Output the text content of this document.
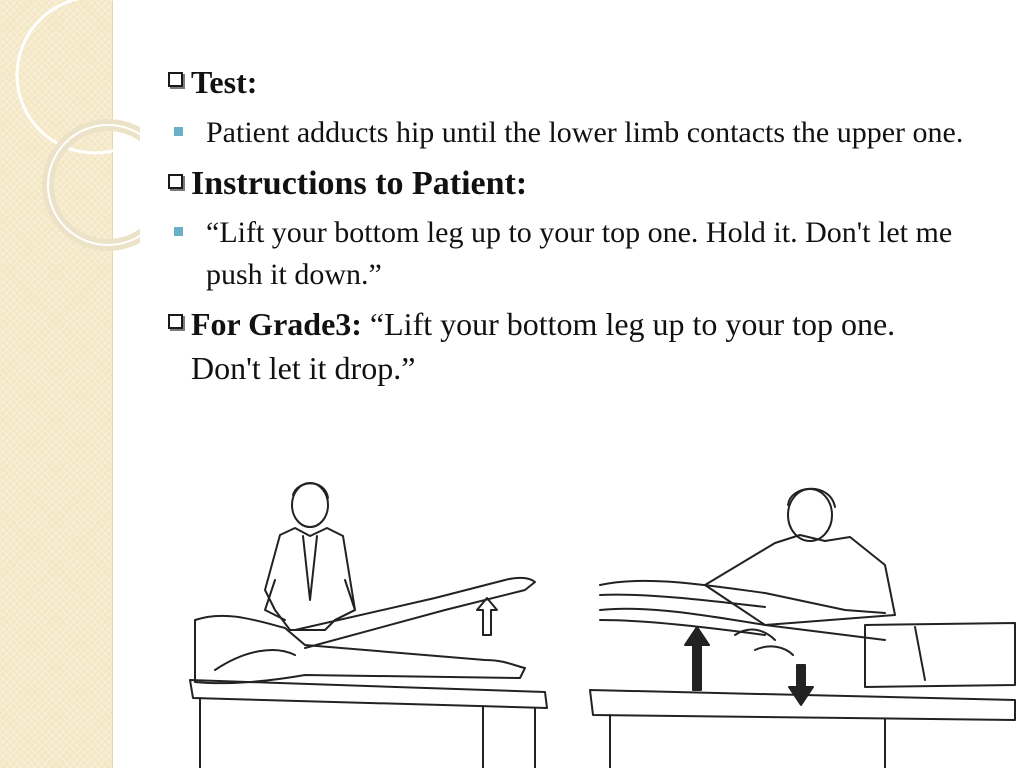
Test:
Patient adducts hip until the lower limb contacts the upper one.
Instructions to Patient:
“Lift your bottom leg up to your top one. Hold it. Don't let me push it down.”
For Grade3: “Lift your bottom leg up to your top one. Don't let it drop.”
